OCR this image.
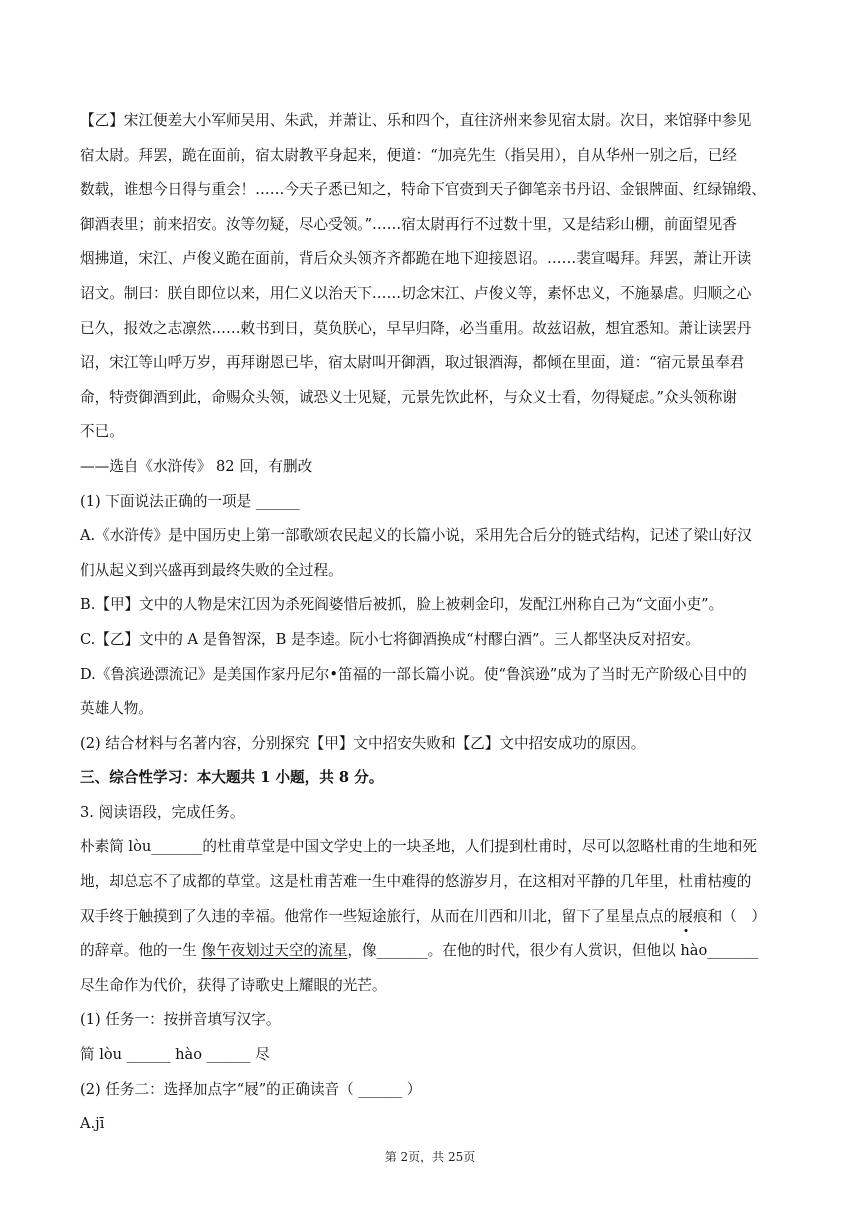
【乙】宋江便差大小军师吴用、朱武，并萧让、乐和四个，直往济州来参见宿太尉。次日，来馆驿中参见

宿太尉。拜罢，跪在面前，宿太尉教平身起来，便道：“加亮先生（指吴用），自从华州一别之后，已经

数载，谁想今日得与重会！……今天子悉已知之，特命下官赍到天子御笔亲书丹诏、金银牌面、红绿锦缎、

御酒表里；前来招安。汝等勿疑，尽心受领。”……宿太尉再行不过数十里，又是结彩山棚，前面望见香

烟拂道，宋江、卢俊义跪在面前，背后众头领齐齐都跪在地下迎接恩诏。……裴宣喝拜。拜罢，萧让开读

诏文。制曰：朕自即位以来，用仁义以治天下……切念宋江、卢俊义等，素怀忠义，不施暴虐。归顺之心

已久，报效之志凛然……敕书到日，莫负朕心，早早归降，必当重用。故兹诏赦，想宜悉知。萧让读罢丹

诏，宋江等山呼万岁，再拜谢恩已毕，宿太尉叫开御酒，取过银酒海，都倾在里面，道：“宿元景虽奉君

命，特赍御酒到此，命赐众头领，诚恐义士见疑，元景先饮此杯，与众义士看，勿得疑虑。”众头领称谢

不已。

——选自《水浒传》 82 回，有删改

(1) 下面说法正确的一项是 ______

A.《水浒传》是中国历史上第一部歌颂农民起义的长篇小说，采用先合后分的链式结构，记述了梁山好汉

们从起义到兴盛再到最终失败的全过程。

B.【甲】文中的人物是宋江因为杀死阎婆惜后被抓，脸上被刺金印，发配江州称自己为“文面小吏”。

C.【乙】文中的 A 是鲁智深，B 是李逵。阮小七将御酒换成“村醪白酒”。三人都坚决反对招安。

D.《鲁滨逊漂流记》是美国作家丹尼尔•笛福的一部长篇小说。使“鲁滨逊”成为了当时无产阶级心目中的

英雄人物。

(2) 结合材料与名著内容，分别探究【甲】文中招安失败和【乙】文中招安成功的原因。

三、综合性学习：本大题共 1 小题，共 8 分。

3. 阅读语段，完成任务。

朴素简 lòu_______的杜甫草堂是中国文学史上的一块圣地，人们提到杜甫时，尽可以忽略杜甫的生地和死

地，却总忘不了成都的草堂。这是杜甫苦难一生中难得的悠游岁月，在这相对平静的几年里，杜甫枯瘦的

双手终于触摸到了久违的幸福。他常作一些短途旅行，从而在川西和川北，留下了星星点点的屐痕和（　）

的辞章。他的一生 像午夜划过天空的流星，像_______。在他的时代，很少有人赏识，但他以 hào_______

尽生命作为代价，获得了诗歌史上耀眼的光芒。

(1) 任务一：按拼音填写汉字。

简 lòu ______ hào ______ 尽

(2) 任务二：选择加点字“屐”的正确读音（ ______ ）

A.jī

第 2页，共 25页
